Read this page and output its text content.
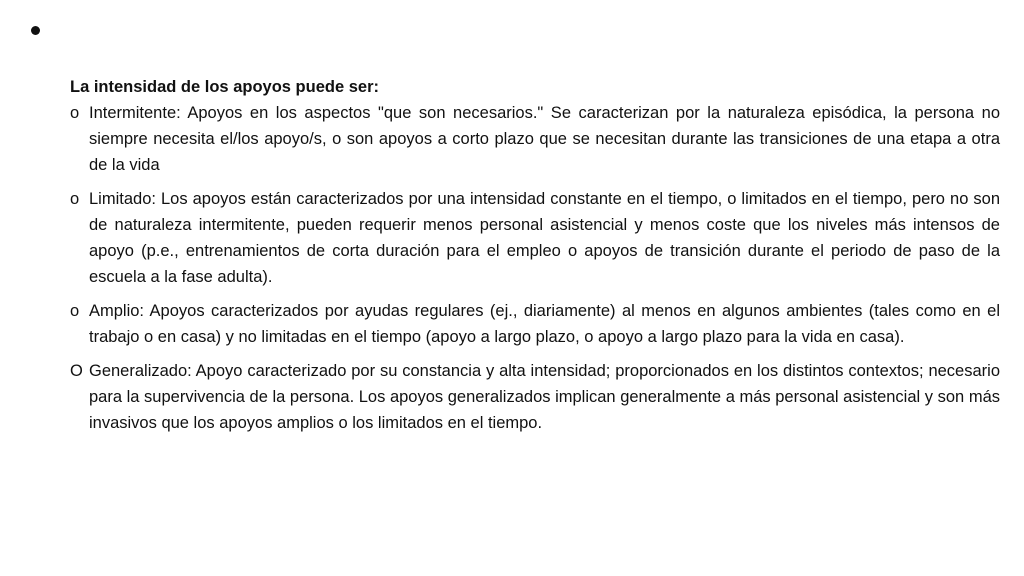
La intensidad de los apoyos puede ser:

o Intermitente: Apoyos en los aspectos "que son necesarios." Se caracterizan por la naturaleza episódica, la persona no siempre necesita el/los apoyo/s, o son apoyos a corto plazo que se necesitan durante las transiciones de una etapa a otra de la vida
o Limitado: Los apoyos están caracterizados por una intensidad constante en el tiempo, o limitados en el tiempo, pero no son de naturaleza intermitente, pueden requerir menos personal asistencial y menos coste que los niveles más intensos de apoyo (p.e., entrenamientos de corta duración para el empleo o apoyos de transición durante el periodo de paso de la escuela a la fase adulta).
o Amplio: Apoyos caracterizados por ayudas regulares (ej., diariamente) al menos en algunos ambientes (tales como en el trabajo o en casa) y no limitadas en el tiempo (apoyo a largo plazo, o apoyo a largo plazo para la vida en casa).
O Generalizado: Apoyo caracterizado por su constancia y alta intensidad; proporcionados en los distintos contextos; necesario para la supervivencia de la persona. Los apoyos generalizados implican generalmente a más personal asistencial y son más invasivos que los apoyos amplios o los limitados en el tiempo.
